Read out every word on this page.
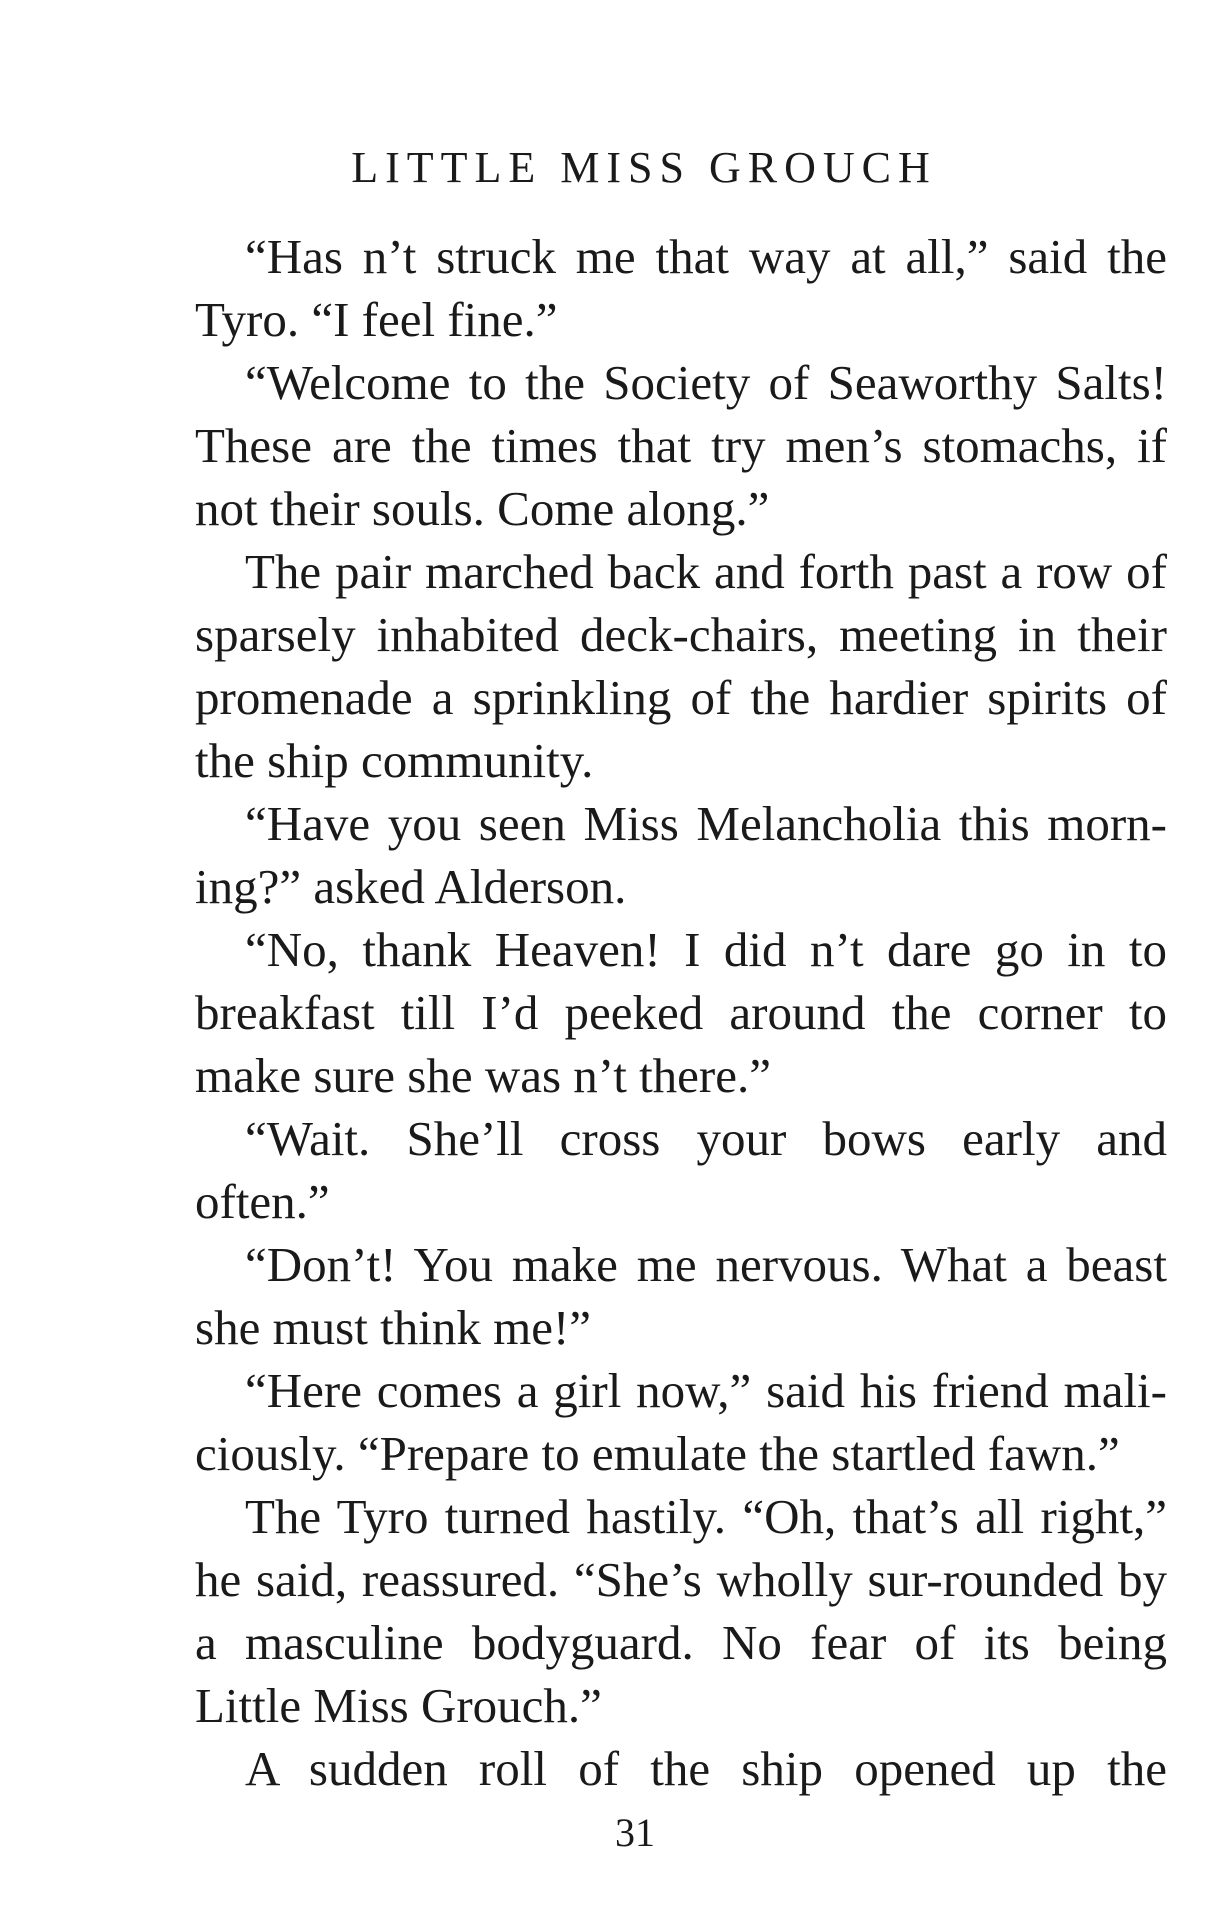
LITTLE MISS GROUCH

“Has n’t struck me that way at all,” said the Tyro. “I feel fine.”

“Welcome to the Society of Seaworthy Salts! These are the times that try men’s stomachs, if not their souls. Come along.”

The pair marched back and forth past a row of sparsely inhabited deck-chairs, meeting in their promenade a sprinkling of the hardier spirits of the ship community.

“Have you seen Miss Melancholia this morn-ing?” asked Alderson.

“No, thank Heaven! I did n’t dare go in to breakfast till I’d peeked around the corner to make sure she was n’t there.”

“Wait. She’ll cross your bows early and often.”

“Don’t! You make me nervous. What a beast she must think me!”

“Here comes a girl now,” said his friend mali-ciously. “Prepare to emulate the startled fawn.”

The Tyro turned hastily. “Oh, that’s all right,” he said, reassured. “She’s wholly sur-rounded by a masculine bodyguard. No fear of its being Little Miss Grouch.”

A sudden roll of the ship opened up the

31
